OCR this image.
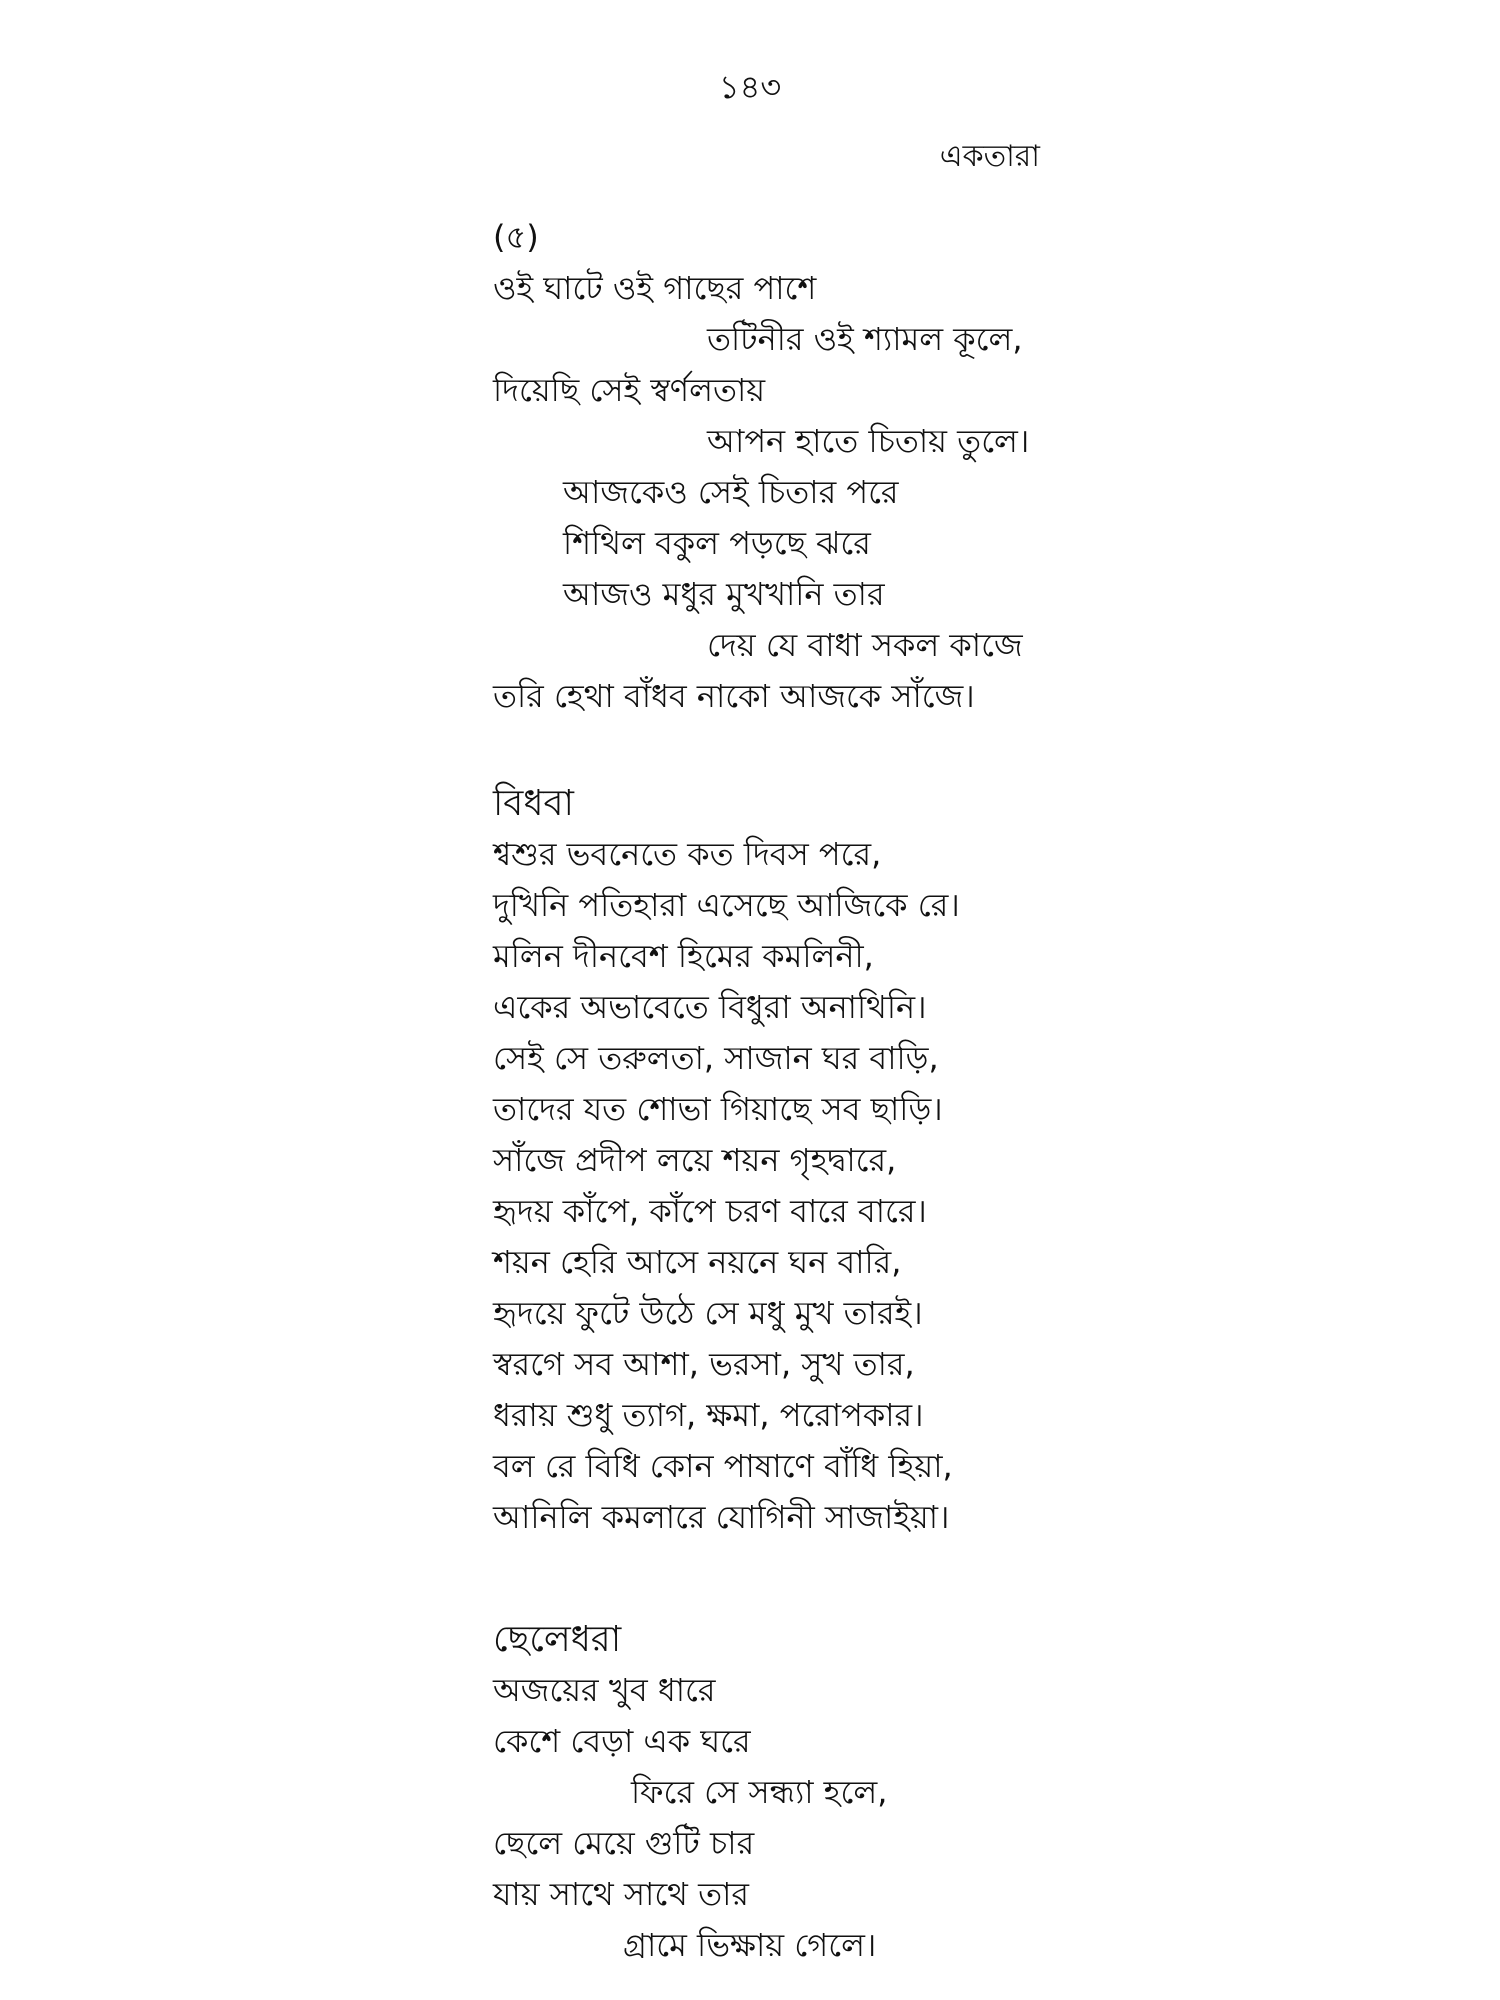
১৪৩
একতারা
(৫)
ওই ঘাটে ওই গাছের পাশে
তটিনীর ওই শ্যামল কূলে,
দিয়েছি সেই স্বর্ণলতায়
আপন হাতে চিতায় তুলে।
আজকেও সেই চিতার পরে
শিথিল বকুল পড়ছে ঝরে
আজও মধুর মুখখানি তার
দেয় যে বাধা সকল কাজে
তরি হেথা বাঁধব নাকো আজকে সাঁজে।
বিধবা
শ্বশুর ভবনেতে কত দিবস পরে,
দুখিনি পতিহারা এসেছে আজিকে রে।
মলিন দীনবেশ হিমের কমলিনী,
একের অভাবেতে বিধুরা অনাথিনি।
সেই সে তরুলতা, সাজান ঘর বাড়ি,
তাদের যত শোভা গিয়াছে সব ছাড়ি।
সাঁজে প্রদীপ লয়ে শয়ন গৃহদ্বারে,
হৃদয় কাঁপে, কাঁপে চরণ বারে বারে।
শয়ন হেরি আসে নয়নে ঘন বারি,
হৃদয়ে ফুটে উঠে সে মধু মুখ তারই।
স্বরগে সব আশা, ভরসা, সুখ তার,
ধরায় শুধু ত্যাগ, ক্ষমা, পরোপকার।
বল রে বিধি কোন পাষাণে বাঁধি হিয়া,
আনিলি কমলারে যোগিনী সাজাইয়া।
ছেলেধরা
অজয়ের খুব ধারে
কেশে বেড়া এক ঘরে
ফিরে সে সন্ধ্যা হলে,
ছেলে মেয়ে গুটি চার
যায় সাথে সাথে তার
গ্রামে ভিক্ষায় গেলে।
